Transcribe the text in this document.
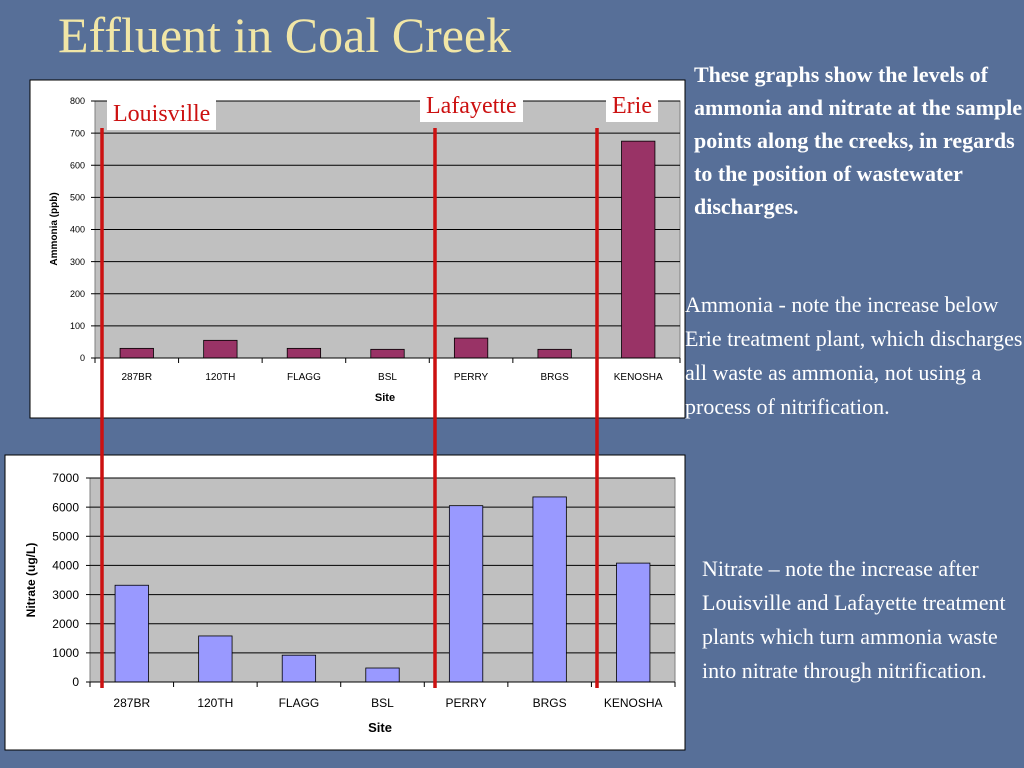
Effluent in Coal Creek
0
100
200
300
400
500
600
700
800
287BR	120TH	FLAGG	BSL	PERRY	BRGS	KENOSHA
Ammonia (ppb)
Site
0
1000
2000
3000
4000
5000
6000
7000
287BR	120TH	FLAGG	BSL	PERRY	BRGS	KENOSHA
Nitrate (ug/L)
Site
Louisville	Lafayette	Erie
These graphs show the levels of ammonia and nitrate at the sample points along the creeks, in regards to the position of wastewater discharges.
Ammonia - note the increase below Erie treatment plant, which discharges all waste as ammonia, not using a process of nitrification.
Nitrate – note the increase after Louisville and Lafayette treatment plants which turn ammonia waste into nitrate through nitrification.
